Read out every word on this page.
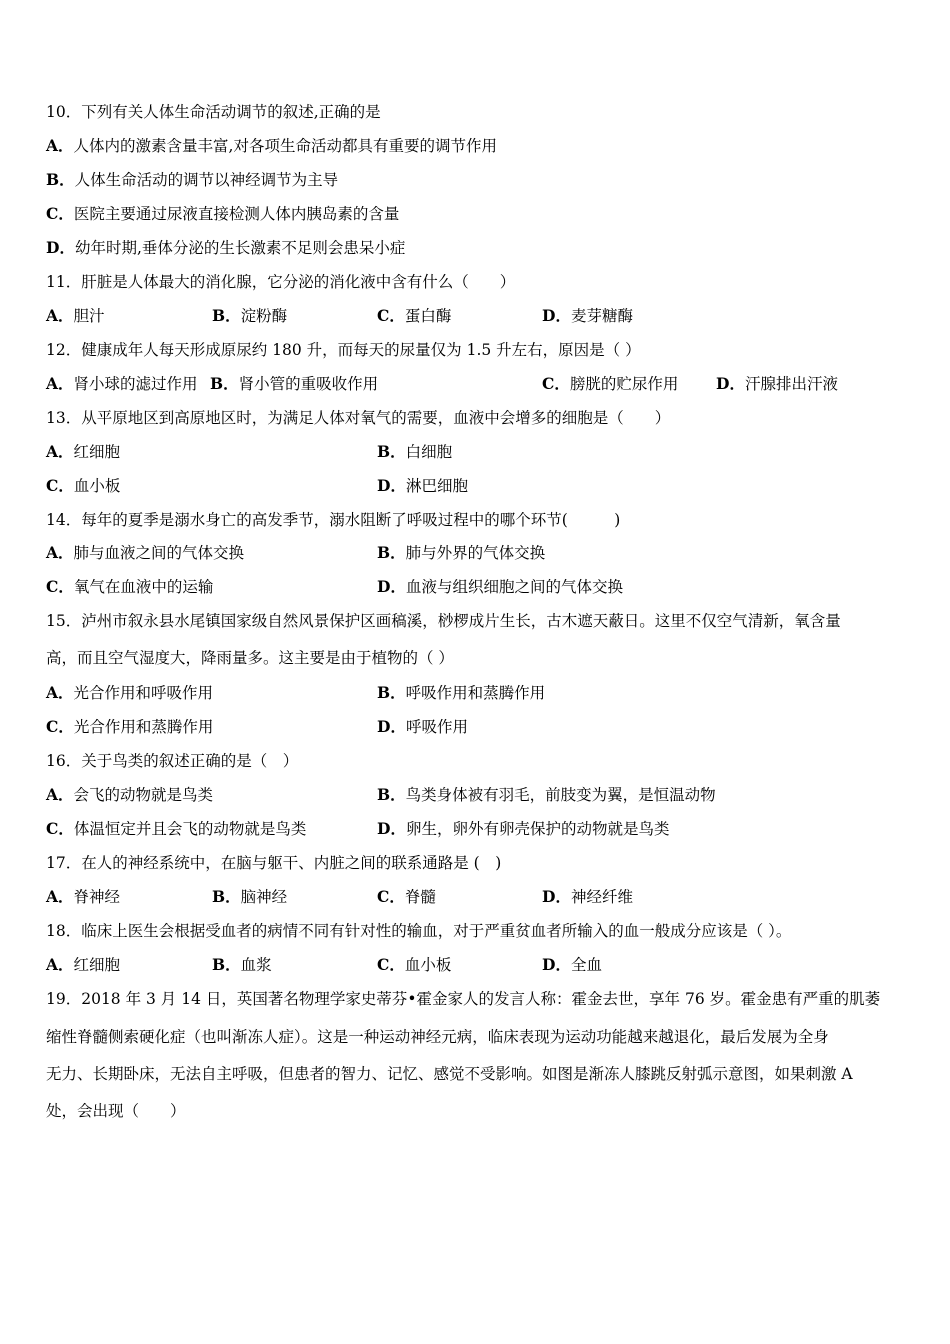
10．下列有关人体生命活动调节的叙述,正确的是
A．人体内的激素含量丰富,对各项生命活动都具有重要的调节作用
B．人体生命活动的调节以神经调节为主导
C．医院主要通过尿液直接检测人体内胰岛素的含量
D．幼年时期,垂体分泌的生长激素不足则会患呆小症
11．肝脏是人体最大的消化腺，它分泌的消化液中含有什么（　　）
A．胆汁	B．淀粉酶	C．蛋白酶	D．麦芽糖酶
12．健康成年人每天形成原尿约 180 升，而每天的尿量仅为 1.5 升左右，原因是（ ）
A．肾小球的滤过作用 B．肾小管的重吸收作用	C．膀胱的贮尿作用 D．汗腺排出汗液
13．从平原地区到高原地区时，为满足人体对氧气的需要，血液中会增多的细胞是（　　）
A．红细胞	B．白细胞
C．血小板	D．淋巴细胞
14．每年的夏季是溺水身亡的高发季节，溺水阻断了呼吸过程中的哪个环节(　　　)
A．肺与血液之间的气体交换	B．肺与外界的气体交换
C．氧气在血液中的运输	D．血液与组织细胞之间的气体交换
15．泸州市叙永县水尾镇国家级自然风景保护区画稿溪，桫椤成片生长，古木遮天蔽日。这里不仅空气清新，氧含量
高，而且空气湿度大，降雨量多。这主要是由于植物的（ ）
A．光合作用和呼吸作用	B．呼吸作用和蒸腾作用
C．光合作用和蒸腾作用	D．呼吸作用
16．关于鸟类的叙述正确的是（　）
A．会飞的动物就是鸟类	B．鸟类身体被有羽毛，前肢变为翼，是恒温动物
C．体温恒定并且会飞的动物就是鸟类	D．卵生，卵外有卵壳保护的动物就是鸟类
17．在人的神经系统中，在脑与躯干、内脏之间的联系通路是 (　)
A．脊神经	B．脑神经	C．脊髓	D．神经纤维
18．临床上医生会根据受血者的病情不同有针对性的输血，对于严重贫血者所输入的血一般成分应该是（ ）。
A．红细胞	B．血浆	C．血小板	D．全血
19．2018 年 3 月 14 日，英国著名物理学家史蒂芬•霍金家人的发言人称：霍金去世，享年 76 岁。霍金患有严重的肌萎
缩性脊髓侧索硬化症（也叫渐冻人症）。这是一种运动神经元病，临床表现为运动功能越来越退化，最后发展为全身
无力、长期卧床，无法自主呼吸，但患者的智力、记忆、感觉不受影响。如图是渐冻人膝跳反射弧示意图，如果刺激 A
处，会出现（　　）
